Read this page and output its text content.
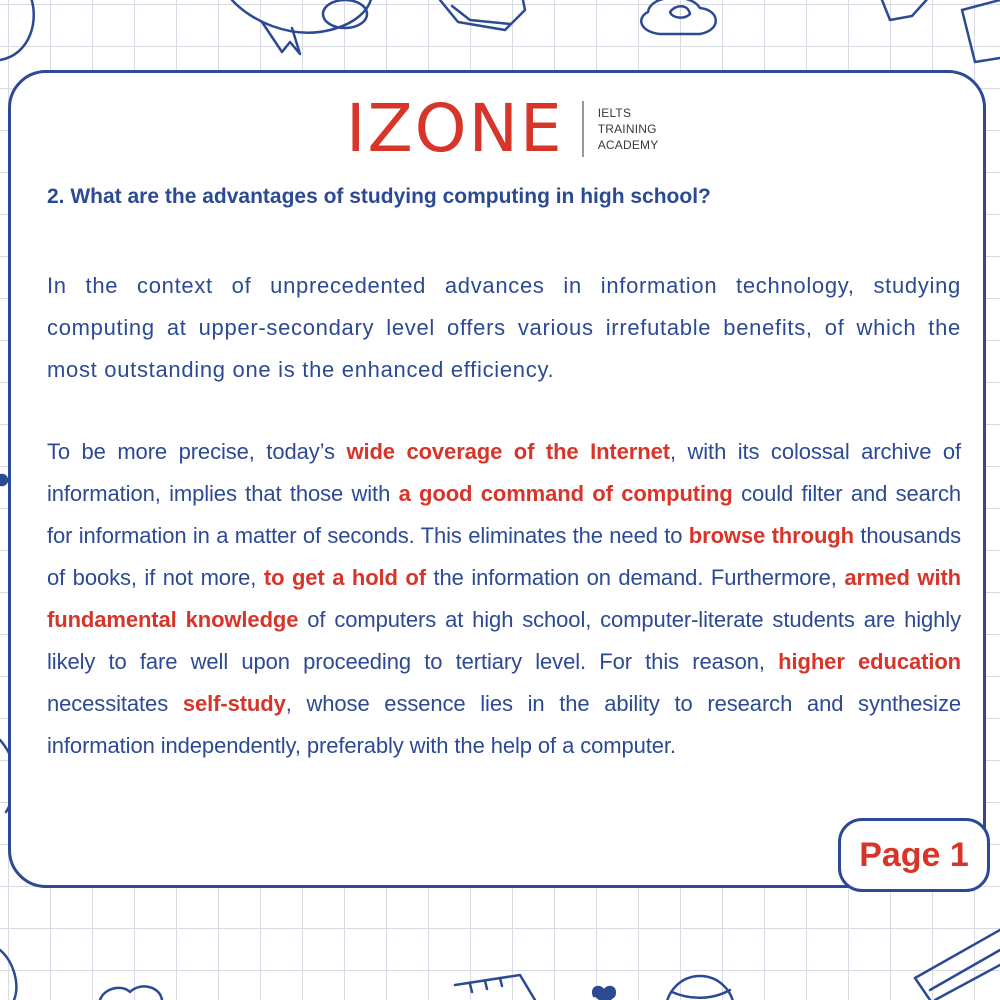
IZONE	IELTS
TRAINING
ACADEMY
2. What are the advantages of studying computing in high school?

In the context of unprecedented advances in information technology, studying computing at upper-secondary level offers various irrefutable benefits, of which the most outstanding one is the enhanced efficiency.

To be more precise, today’s wide coverage of the Internet, with its colossal archive of information, implies that those with a good command of computing could filter and search for information in a matter of seconds. This eliminates the need to browse through thousands of books, if not more, to get a hold of the information on demand. Furthermore, armed with fundamental knowledge of computers at high school, computer-literate students are highly likely to fare well upon proceeding to tertiary level. For this reason, higher education necessitates self-study, whose essence lies in the ability to research and synthesize information independently, preferably with the help of a computer.

Page 1
